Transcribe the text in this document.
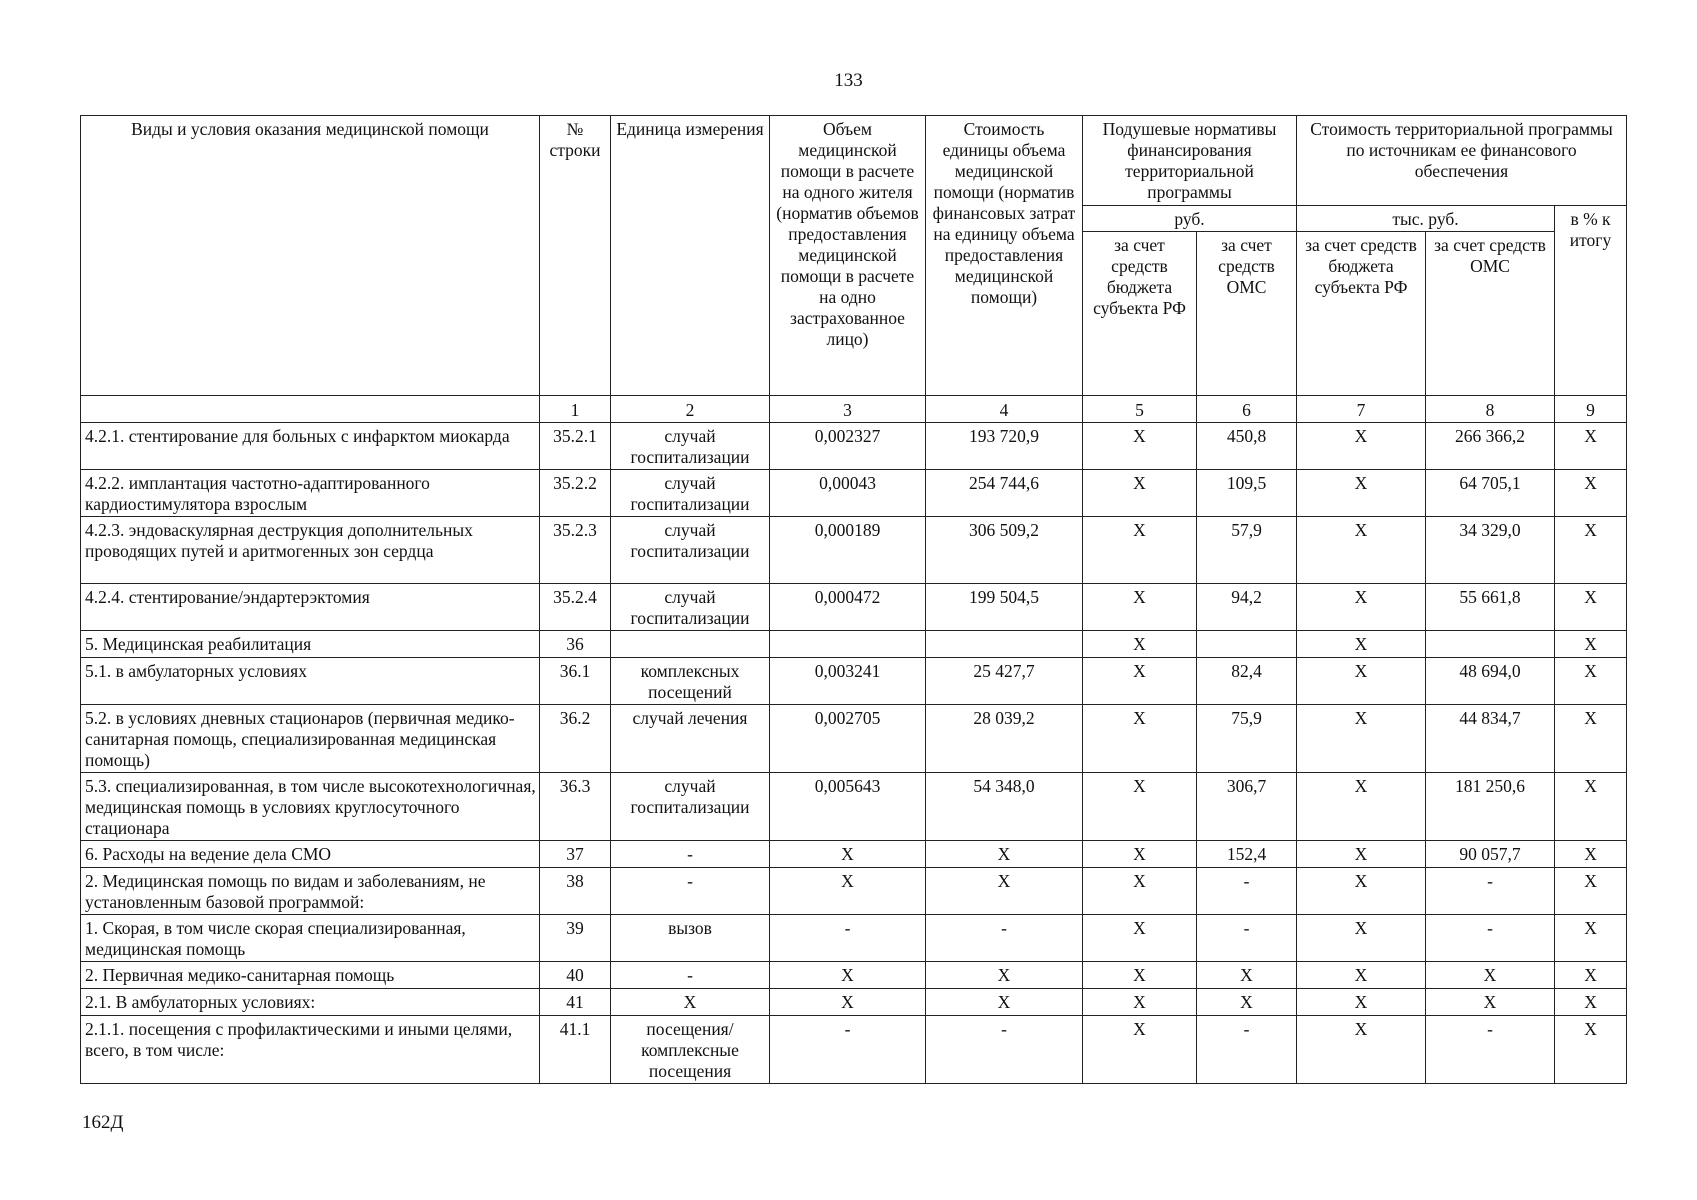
133
Виды и условия оказания медицинской помощи	№ строки	Единица измерения	Объем медицинской помощи в расчете на одного жителя (норматив объемов предоставления медицинской помощи в расчете на одно застрахованное лицо)	Стоимость единицы объема медицинской помощи (норматив финансовых затрат на единицу объема предоставления медицинской помощи)	Подушевые нормативы финансирования территориальной программы		Стоимость территориальной программы по источникам ее финансового обеспечения		
					руб.		тыс. руб.		в % к итогу
					за счет средств бюджета субъекта РФ	за счет средств ОМС	за счет средств бюджета субъекта РФ	за счет средств ОМС	
	1	2	3	4	5	6	7	8	9
4.2.1. стентирование для больных с инфарктом миокарда	35.2.1	случай госпитализации	0,002327	193 720,9	X	450,8	X	266 366,2	X
4.2.2. имплантация частотно-адаптированного кардиостимулятора взрослым	35.2.2	случай госпитализации	0,00043	254 744,6	X	109,5	X	64 705,1	X
4.2.3. эндоваскулярная деструкция дополнительных проводящих путей и аритмогенных зон сердца	35.2.3	случай госпитализации	0,000189	306 509,2	X	57,9	X	34 329,0	X
4.2.4. стентирование/эндартерэктомия	35.2.4	случай госпитализации	0,000472	199 504,5	X	94,2	X	55 661,8	X
5. Медицинская реабилитация	36				X		X		X
5.1. в амбулаторных условиях	36.1	комплексных посещений	0,003241	25 427,7	X	82,4	X	48 694,0	X
5.2. в условиях дневных стационаров (первичная медико-санитарная помощь, специализированная медицинская помощь)	36.2	случай лечения	0,002705	28 039,2	X	75,9	X	44 834,7	X
5.3. специализированная, в том числе высокотехнологичная, медицинская помощь в условиях круглосуточного стационара	36.3	случай госпитализации	0,005643	54 348,0	X	306,7	X	181 250,6	X
6. Расходы на ведение дела СМО	37	-	X	X	X	152,4	X	90 057,7	X
2. Медицинская помощь по видам и заболеваниям, не установленным базовой программой:	38	-	X	X	X	-	X	-	X
1. Скорая, в том числе скорая специализированная, медицинская помощь	39	вызов	-	-	X	-	X	-	X
2. Первичная медико-санитарная помощь	40	-	X	X	X	X	X	X	X
2.1. В амбулаторных условиях:	41	X	X	X	X	X	X	X	X
2.1.1. посещения с профилактическими и иными целями, всего, в том числе:	41.1	посещения/ комплексные посещения	-	-	X	-	X	-	X
162Д
